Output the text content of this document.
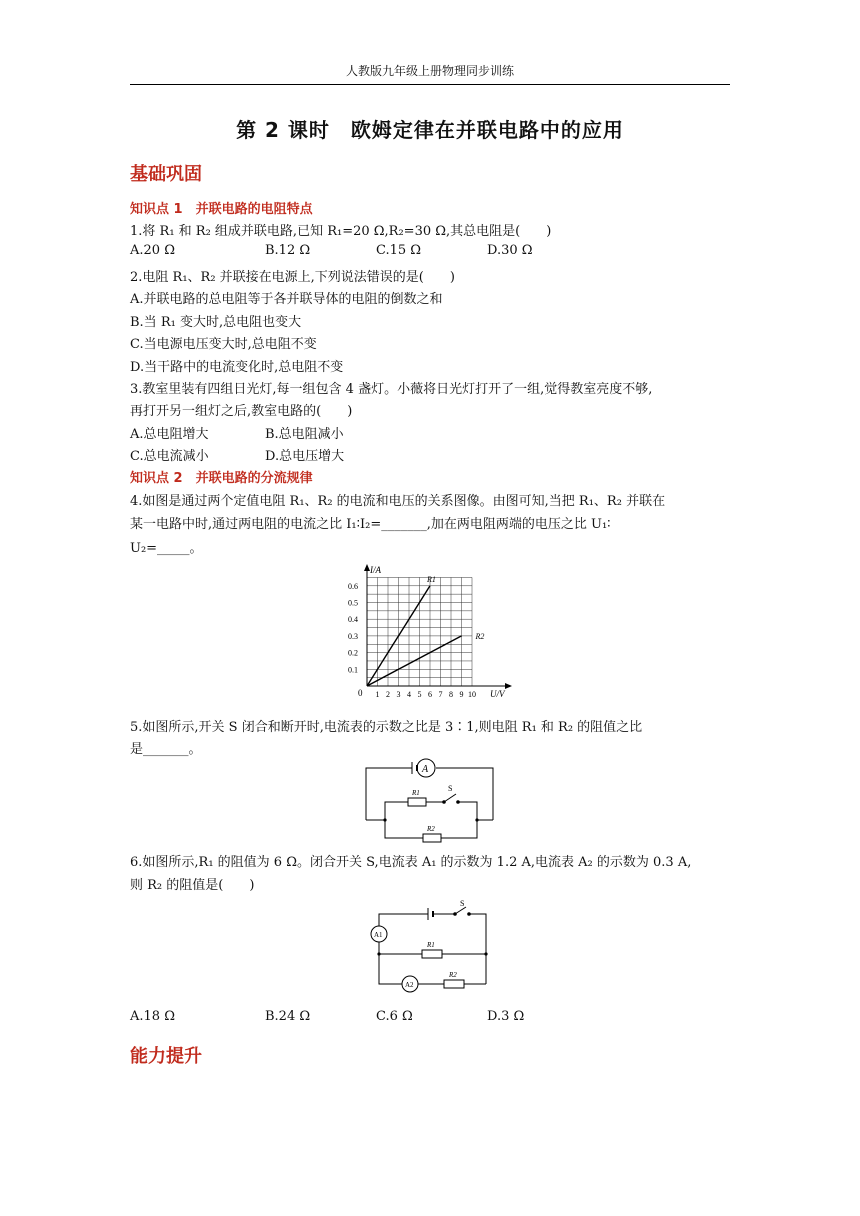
人教版九年级上册物理同步训练
第 2 课时　欧姆定律在并联电路中的应用
基础巩固
知识点 1　并联电路的电阻特点
1.将 R₁ 和 R₂ 组成并联电路,已知 R₁=20 Ω,R₂=30 Ω,其总电阻是(　　)
A.20 Ω	B.12 Ω	C.15 Ω	D.30 Ω
2.电阻 R₁、R₂ 并联接在电源上,下列说法错误的是(　　)
A.并联电路的总电阻等于各并联导体的电阻的倒数之和
B.当 R₁ 变大时,总电阻也变大
C.当电源电压变大时,总电阻不变
D.当干路中的电流变化时,总电阻不变
3.教室里装有四组日光灯,每一组包含 4 盏灯。小薇将日光灯打开了一组,觉得教室亮度不够,
再打开另一组灯之后,教室电路的(　　)
A.总电阻增大	B.总电阻减小
C.总电流减小	D.总电压增大
知识点 2　并联电路的分流规律
4.如图是通过两个定值电阻 R₁、R₂ 的电流和电压的关系图像。由图可知,当把 R₁、R₂ 并联在
某一电路中时,通过两电阻的电流之比 I₁∶I₂=_______,加在两电阻两端的电压之比 U₁∶
U₂=_____。
I/A
U/V
0
0.1
0.2
0.3
0.4
0.5
0.6
1 2 3 4 5 6 7 8 9 10
R1
R2
5.如图所示,开关 S 闭合和断开时,电流表的示数之比是 3∶1,则电阻 R₁ 和 R₂ 的阻值之比
是_______。
A
R1	S
R2
6.如图所示,R₁ 的阻值为 6 Ω。闭合开关 S,电流表 A₁ 的示数为 1.2 A,电流表 A₂ 的示数为 0.3 A,
则 R₂ 的阻值是(　　)
A1
A2
S
R1
R2
A.18 Ω	B.24 Ω	C.6 Ω	D.3 Ω
能力提升
